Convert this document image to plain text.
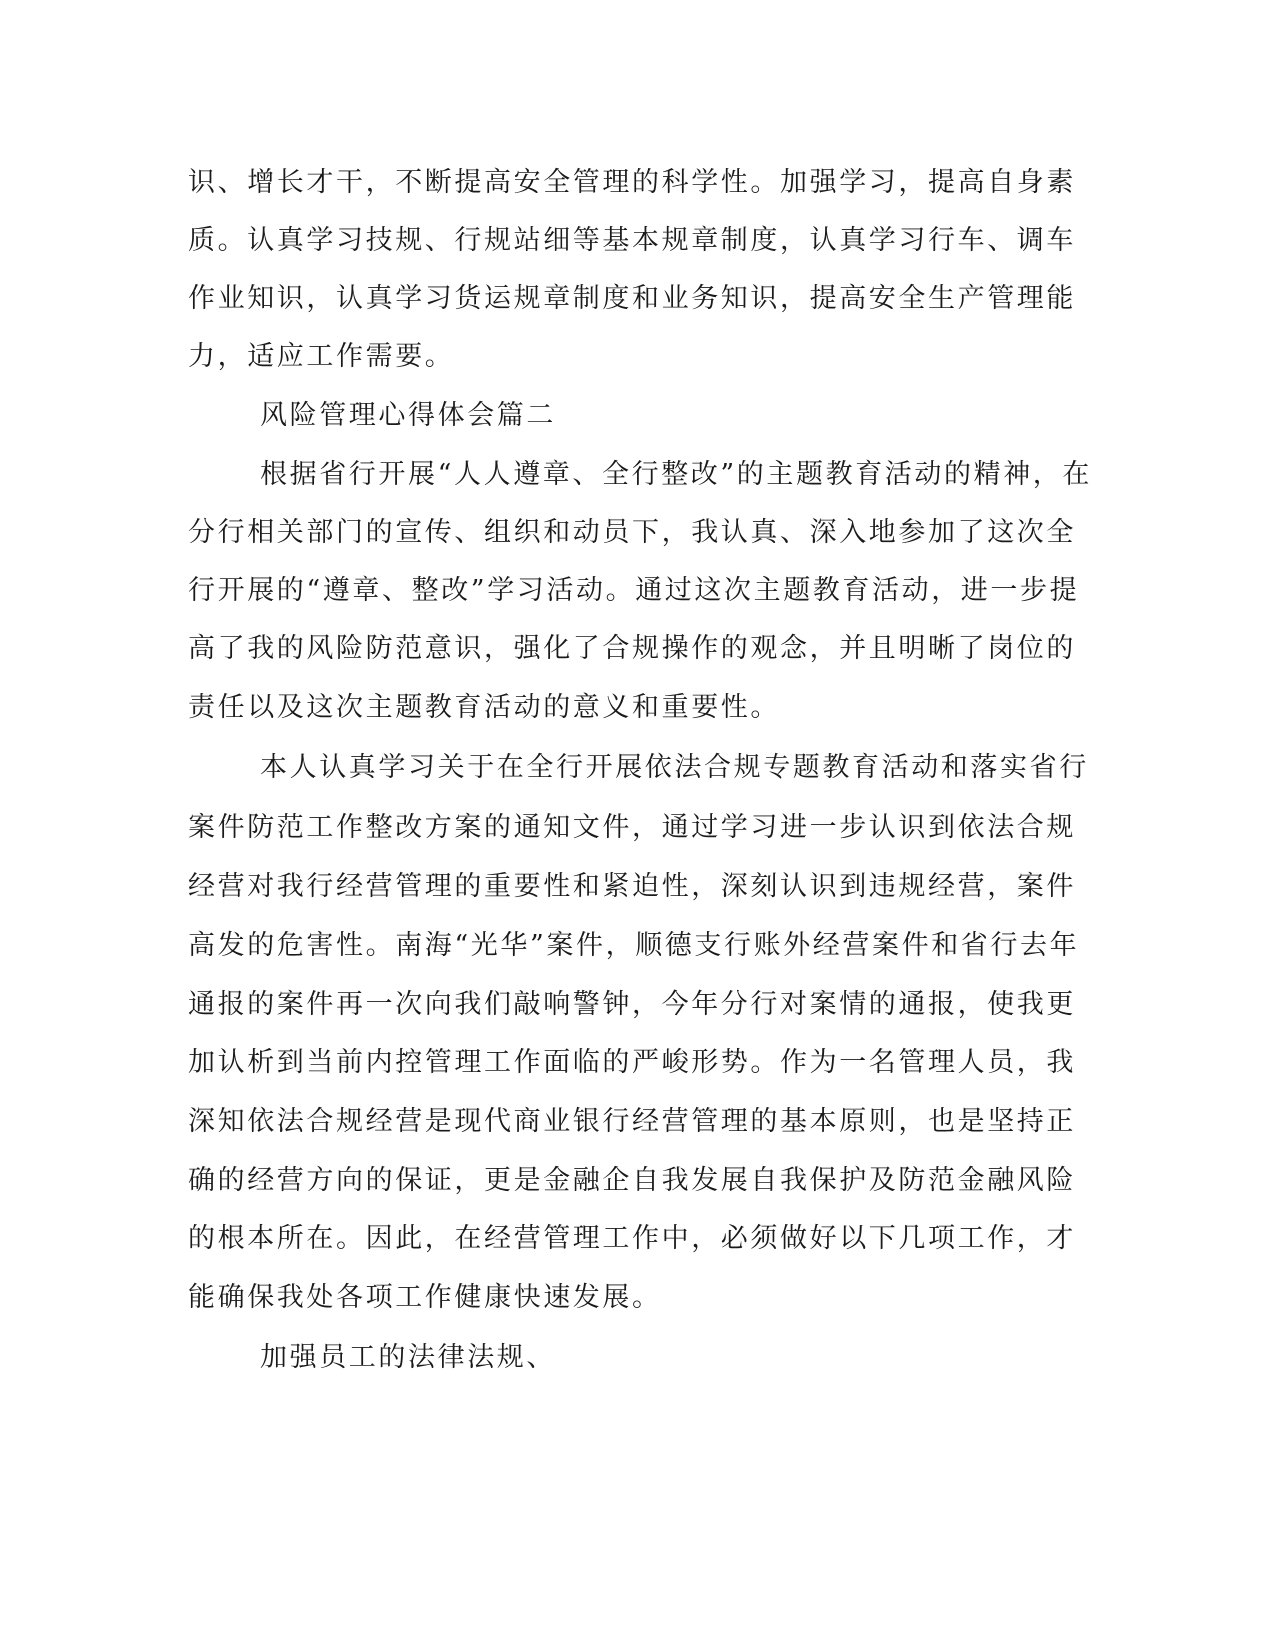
识、增长才干，不断提高安全管理的科学性。加强学习，提高自身素
质。认真学习技规、行规站细等基本规章制度，认真学习行车、调车
作业知识，认真学习货运规章制度和业务知识，提高安全生产管理能
力，适应工作需要。
风险管理心得体会篇二
根据省行开展“人人遵章、全行整改”的主题教育活动的精神，在
分行相关部门的宣传、组织和动员下，我认真、深入地参加了这次全
行开展的“遵章、整改”学习活动。通过这次主题教育活动，进一步提
高了我的风险防范意识，强化了合规操作的观念，并且明晰了岗位的
责任以及这次主题教育活动的意义和重要性。
本人认真学习关于在全行开展依法合规专题教育活动和落实省行
案件防范工作整改方案的通知文件，通过学习进一步认识到依法合规
经营对我行经营管理的重要性和紧迫性，深刻认识到违规经营，案件
高发的危害性。南海“光华”案件，顺德支行账外经营案件和省行去年
通报的案件再一次向我们敲响警钟，今年分行对案情的通报，使我更
加认析到当前内控管理工作面临的严峻形势。作为一名管理人员，我
深知依法合规经营是现代商业银行经营管理的基本原则，也是坚持正
确的经营方向的保证，更是金融企自我发展自我保护及防范金融风险
的根本所在。因此，在经营管理工作中，必须做好以下几项工作，才
能确保我处各项工作健康快速发展。
加强员工的法律法规、
